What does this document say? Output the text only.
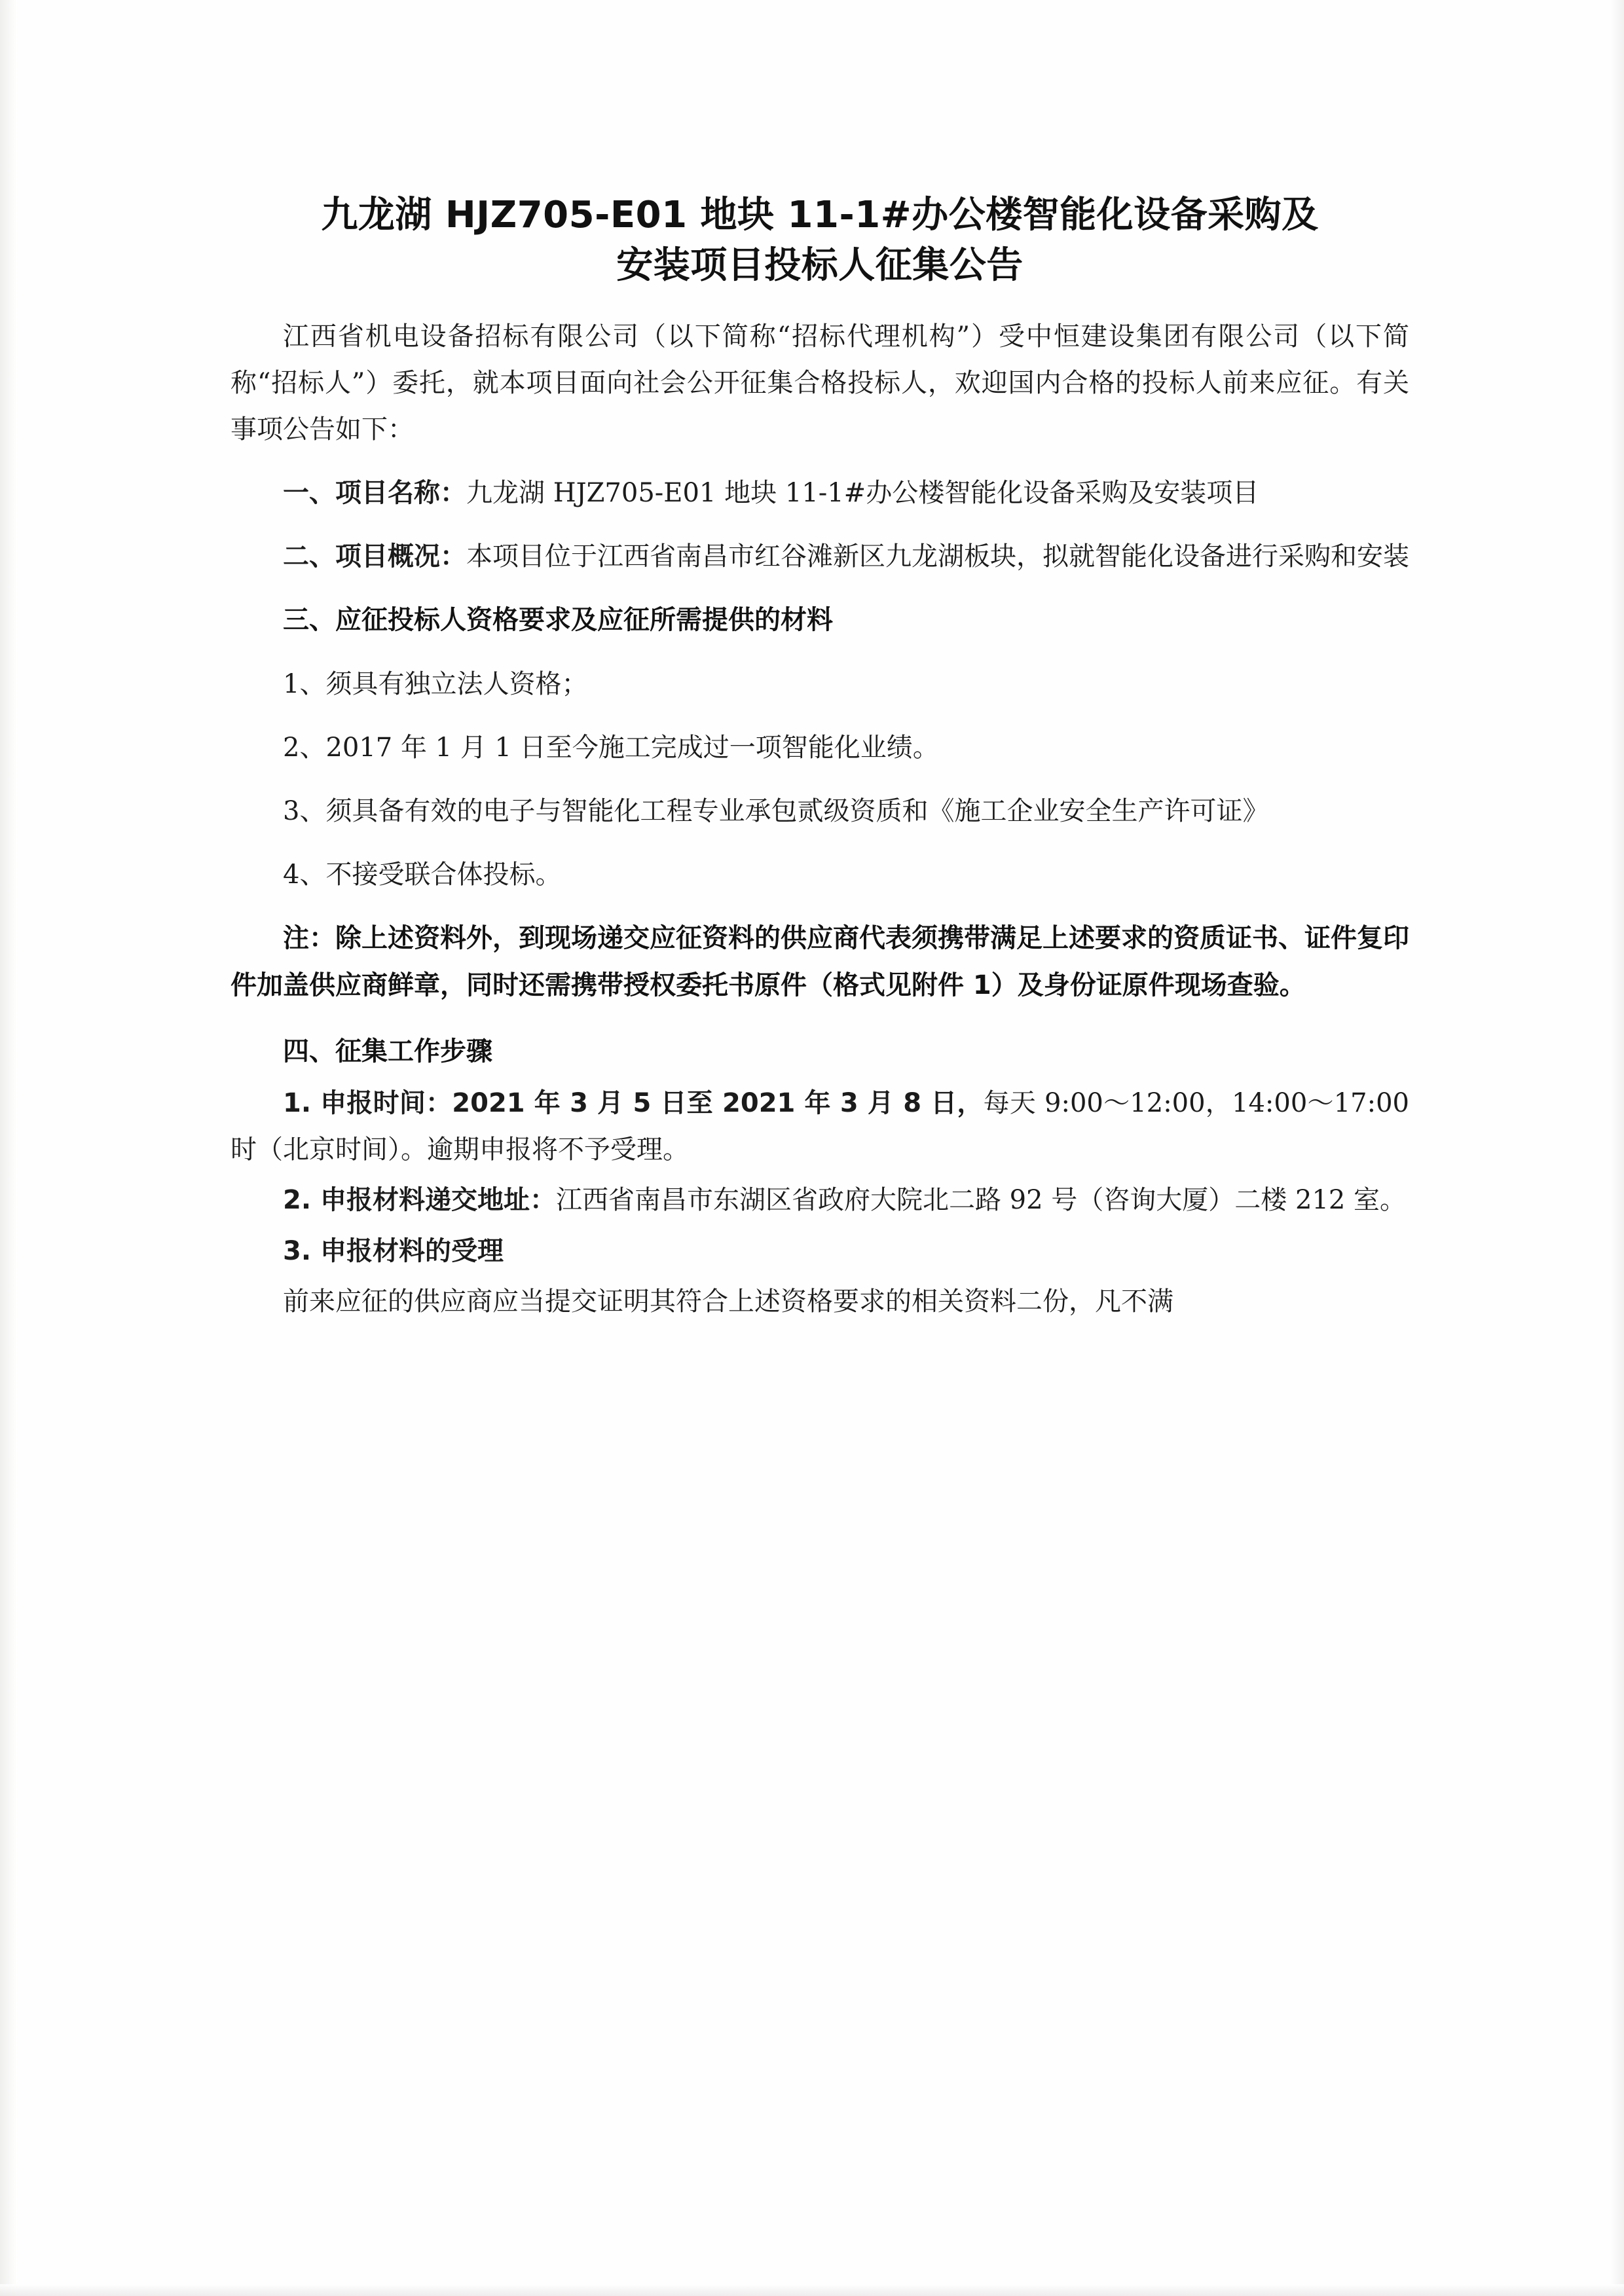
九龙湖 HJZ705-E01 地块 11-1#办公楼智能化设备采购及
安装项目投标人征集公告

江西省机电设备招标有限公司（以下简称“招标代理机构”）受中恒建设集团有限公司（以下简称“招标人”）委托，就本项目面向社会公开征集合格投标人，欢迎国内合格的投标人前来应征。有关事项公告如下：

一、项目名称：九龙湖 HJZ705-E01 地块 11-1#办公楼智能化设备采购及安装项目

二、项目概况：本项目位于江西省南昌市红谷滩新区九龙湖板块，拟就智能化设备进行采购和安装

三、应征投标人资格要求及应征所需提供的材料

1、须具有独立法人资格；

2、2017 年 1 月 1 日至今施工完成过一项智能化业绩。

3、须具备有效的电子与智能化工程专业承包贰级资质和《施工企业安全生产许可证》

4、不接受联合体投标。

注：除上述资料外，到现场递交应征资料的供应商代表须携带满足上述要求的资质证书、证件复印件加盖供应商鲜章，同时还需携带授权委托书原件（格式见附件 1）及身份证原件现场查验。

四、征集工作步骤

1. 申报时间：2021 年 3 月 5 日至 2021 年 3 月 8 日，每天 9:00～12:00，14:00～17:00 时（北京时间）。逾期申报将不予受理。

2. 申报材料递交地址：江西省南昌市东湖区省政府大院北二路 92 号（咨询大厦）二楼 212 室。

3. 申报材料的受理

前来应征的供应商应当提交证明其符合上述资格要求的相关资料二份，凡不满
